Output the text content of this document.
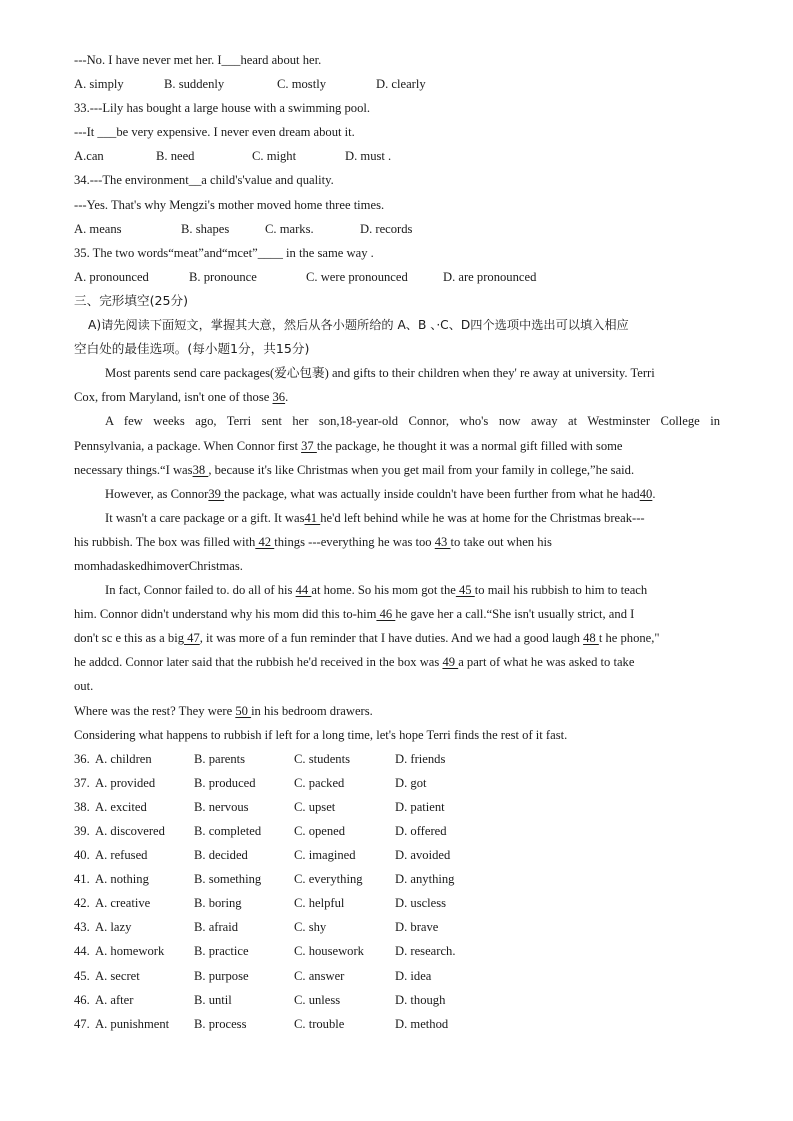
---No. I have never met her. I___heard about her.
A. simply	B. suddenly	C. mostly	D. clearly
33.---Lily has bought a large house with a swimming pool.
---It ___be very expensive. I never even dream about it.
A.can	B. need	C. might	D. must .
34.---The environment__a child's'value and quality.
---Yes. That's why Mengzi's mother moved home three times.
A. means	B. shapes	C. marks.	D. records
35. The two words“meat”and“mcet”____ in the same way .
A. pronounced	B. pronounce	C. were pronounced	D. are pronounced
三、完形填空(25分)
A)请先阅读下面短文，掌握其大意，然后从各小题所给的 A、B 、·C、D四个选项中选出可以填入相应
空白处的最佳选项。(每小题1分，共15分)
Most parents send care packages(爱心包裹) and gifts to their children when they' re away at university. Terri
Cox, from Maryland, isn't one of those 36.
A few weeks ago, Terri sent her son,18-year-old Connor, who's now away at Westminster College in
Pennsylvania, a package. When Connor first 37 the package, he thought it was a normal gift filled with some
necessary things.“I was38 , because it's like Christmas when you get mail from your family in college,”he said.
However, as Connor39 the package, what was actually inside couldn't have been further from what he had40.
It wasn't a care package or a gift. It was41 he'd left behind while he was at home for the Christmas break---
his rubbish. The box was filled with 42 things ---everything he was too 43 to take out when his
momhadaskedhimoverChristmas.
In fact, Connor failed to. do all of his 44 at home. So his mom got the 45 to mail his rubbish to him to teach
him. Connor didn't understand why his mom did this to-him 46 he gave her a call.“She isn't usually strict, and I
don't sc e this as a big 47, it was more of a fun reminder that I have duties. And we had a good laugh 48 t he phone,"
he addcd. Connor later said that the rubbish he'd received in the box was 49 a part of what he was asked to take
out.
Where was the rest? They were 50 in his bedroom drawers.
Considering what happens to rubbish if left for a long time, let's hope Terri finds the rest of it fast.
36. A. children	B. parents	C. students	D. friends
37. A. provided	B. produced	C. packed	D. got
38. A. excited	B. nervous	C. upset	D. patient
39. A. discovered	B. completed	C. opened	D. offered
40. A. refused	B. decided	C. imagined	D. avoided
41. A. nothing	B. something	C. everything	D. anything
42. A. creative	B. boring	C. helpful	D. uscless
43. A. lazy	B. afraid	C. shy	D. brave
44. A. homework	B. practice	C. housework	D. research.
45. A. secret	B. purpose	C. answer	D. idea
46. A. after	B. until	C. unless	D. though
47. A. punishment	B. process	C. trouble	D. method
